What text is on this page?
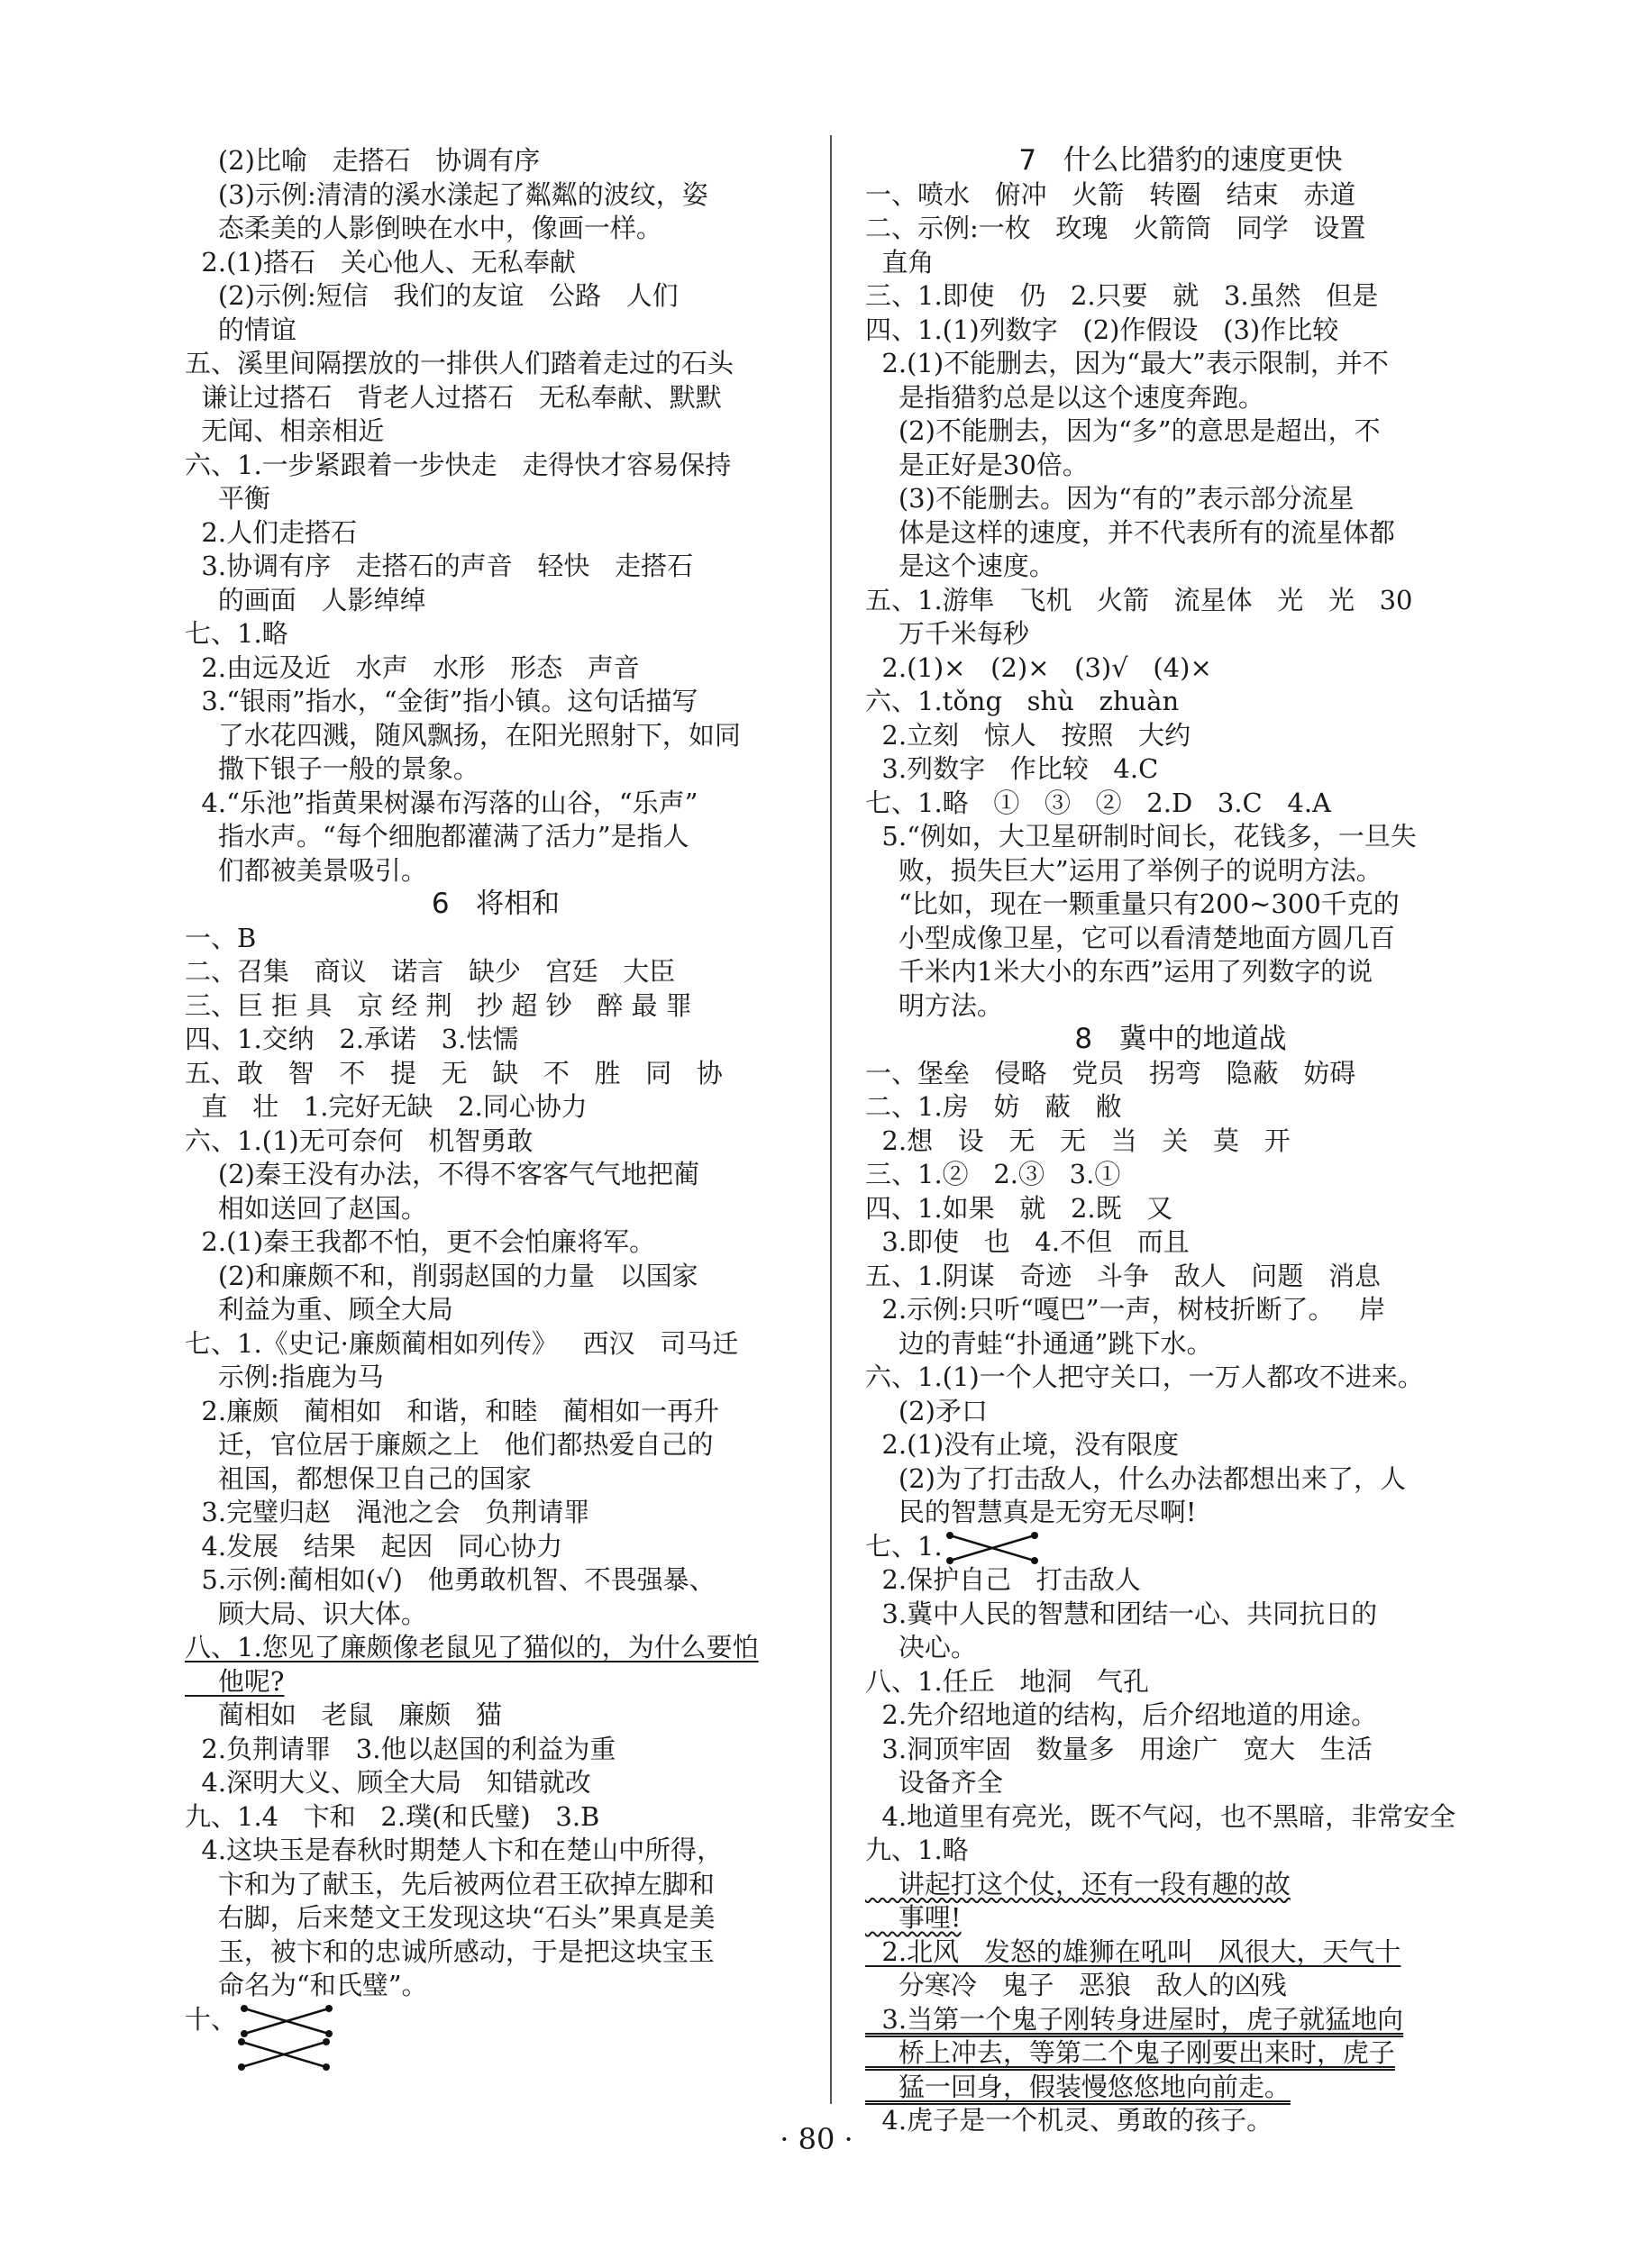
(2)比喻   走搭石   协调有序
(3)示例:清清的溪水漾起了粼粼的波纹，姿
态柔美的人影倒映在水中，像画一样。
2.(1)搭石   关心他人、无私奉献
(2)示例:短信   我们的友谊   公路   人们
的情谊
五、溪里间隔摆放的一排供人们踏着走过的石头
谦让过搭石   背老人过搭石   无私奉献、默默
无闻、相亲相近
六、1.一步紧跟着一步快走   走得快才容易保持
平衡
2.人们走搭石
3.协调有序   走搭石的声音   轻快   走搭石
的画面   人影绰绰
七、1.略
2.由远及近   水声   水形   形态   声音
3.“银雨”指水，“金街”指小镇。这句话描写
了水花四溅，随风飘扬，在阳光照射下，如同
撒下银子一般的景象。
4.“乐池”指黄果树瀑布泻落的山谷，“乐声”
指水声。“每个细胞都灌满了活力”是指人
们都被美景吸引。
6   将相和
一、B
二、召集   商议   诺言   缺少   宫廷   大臣
三、巨 拒 具   京 经 荆   抄 超 钞   醉 最 罪
四、1.交纳   2.承诺   3.怯懦
五、敢   智   不   提   无   缺   不   胜   同   协
直   壮   1.完好无缺   2.同心协力
六、1.(1)无可奈何   机智勇敢
(2)秦王没有办法，不得不客客气气地把蔺
相如送回了赵国。
2.(1)秦王我都不怕，更不会怕廉将军。
(2)和廉颇不和，削弱赵国的力量   以国家
利益为重、顾全大局
七、1.《史记·廉颇蔺相如列传》   西汉   司马迁
示例:指鹿为马
2.廉颇   蔺相如   和谐，和睦   蔺相如一再升
迁，官位居于廉颇之上   他们都热爱自己的
祖国，都想保卫自己的国家
3.完璧归赵   渑池之会   负荆请罪
4.发展   结果   起因   同心协力
5.示例:蔺相如(√)   他勇敢机智、不畏强暴、
顾大局、识大体。
八、1.您见了廉颇像老鼠见了猫似的，为什么要怕
他呢?
蔺相如   老鼠   廉颇   猫
2.负荆请罪   3.他以赵国的利益为重
4.深明大义、顾全大局   知错就改
九、1.4   卞和   2.璞(和氏璧)   3.B
4.这块玉是春秋时期楚人卞和在楚山中所得，
卞和为了献玉，先后被两位君王砍掉左脚和
右脚，后来楚文王发现这块“石头”果真是美
玉，被卞和的忠诚所感动，于是把这块宝玉
命名为“和氏璧”。
十、
7   什么比猎豹的速度更快
一、喷水   俯冲   火箭   转圈   结束   赤道
二、示例:一枚   玫瑰   火箭筒   同学   设置
直角
三、1.即使   仍   2.只要   就   3.虽然   但是
四、1.(1)列数字   (2)作假设   (3)作比较
2.(1)不能删去，因为“最大”表示限制，并不
是指猎豹总是以这个速度奔跑。
(2)不能删去，因为“多”的意思是超出，不
是正好是30倍。
(3)不能删去。因为“有的”表示部分流星
体是这样的速度，并不代表所有的流星体都
是这个速度。
五、1.游隼   飞机   火箭   流星体   光   光   30
万千米每秒
2.(1)×   (2)×   (3)√   (4)×
六、1.tǒng   shù   zhuàn
2.立刻   惊人   按照   大约
3.列数字   作比较   4.C
七、1.略   ①   ③   ②   2.D   3.C   4.A
5.“例如，大卫星研制时间长，花钱多，一旦失
败，损失巨大”运用了举例子的说明方法。
“比如，现在一颗重量只有200~300千克的
小型成像卫星，它可以看清楚地面方圆几百
千米内1米大小的东西”运用了列数字的说
明方法。
8   冀中的地道战
一、堡垒   侵略   党员   拐弯   隐蔽   妨碍
二、1.房   妨   蔽   敝
2.想   设   无   无   当   关   莫   开
三、1.②   2.③   3.①
四、1.如果   就   2.既   又
3.即使   也   4.不但   而且
五、1.阴谋   奇迹   斗争   敌人   问题   消息
2.示例:只听“嘎巴”一声，树枝折断了。   岸
边的青蛙“扑通通”跳下水。
六、1.(1)一个人把守关口，一万人都攻不进来。
(2)矛口
2.(1)没有止境，没有限度
(2)为了打击敌人，什么办法都想出来了，人
民的智慧真是无穷无尽啊!
七、1.
2.保护自己   打击敌人
3.冀中人民的智慧和团结一心、共同抗日的
决心。
八、1.任丘   地洞   气孔
2.先介绍地道的结构，后介绍地道的用途。
3.洞顶牢固   数量多   用途广   宽大   生活
设备齐全
4.地道里有亮光，既不气闷，也不黑暗，非常安全
九、1.略
讲起打这个仗，还有一段有趣的故
事哩!
2.北风   发怒的雄狮在吼叫   风很大，天气十
分寒冷   鬼子   恶狼   敌人的凶残
3.当第一个鬼子刚转身进屋时，虎子就猛地向
桥上冲去，等第二个鬼子刚要出来时，虎子
猛一回身，假装慢悠悠地向前走。
4.虎子是一个机灵、勇敢的孩子。
· 80 ·
